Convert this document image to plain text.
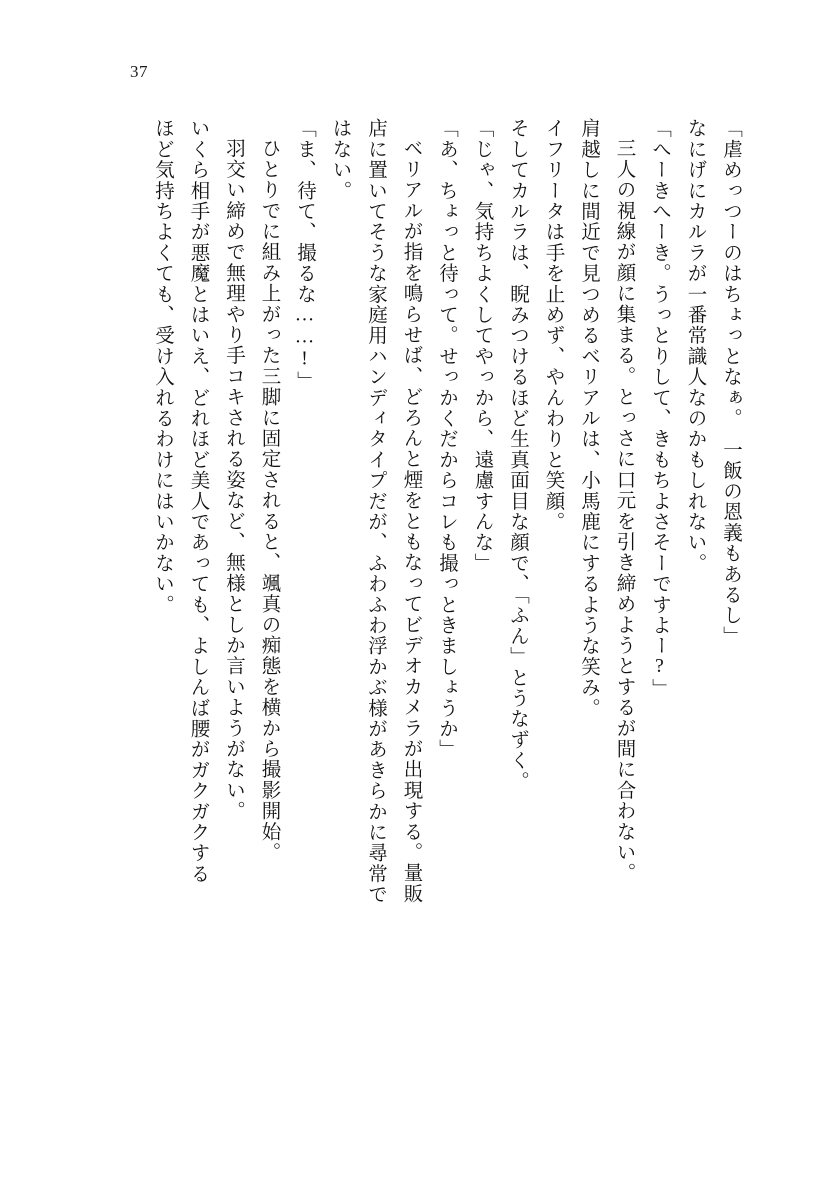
37
「虐めっつーのはちょっとなぁ。　一飯の恩義もあるし」
なにげにカルラが一番常識人なのかもしれない。
「へーきへーき。うっとりして、きもちよさそーですよー?」
三人の視線が顔に集まる。とっさに口元を引き締めようとするが間に合わない。
肩越しに間近で見つめるベリアルは、小馬鹿にするような笑み。
イフリータは手を止めず、やんわりと笑顔。
そしてカルラは、睨みつけるほど生真面目な顔で、「ふん」とうなずく。
「じゃ、気持ちよくしてやっから、遠慮すんな」
「あ、ちょっと待って。せっかくだからコレも撮っときましょうか」
ベリアルが指を鳴らせば、どろんと煙をともなってビデオカメラが出現する。量販
店に置いてそうな家庭用ハンディタイプだが、ふわふわ浮かぶ様があきらかに尋常で
はない。
「ま、待て、撮るな……!」
ひとりでに組み上がった三脚に固定されると、颯真の痴態を横から撮影開始。
羽交い締めで無理やり手コキされる姿など、無様としか言いようがない。
いくら相手が悪魔とはいえ、どれほど美人であっても、よしんば腰がガクガクする
ほど気持ちよくても、受け入れるわけにはいかない。
